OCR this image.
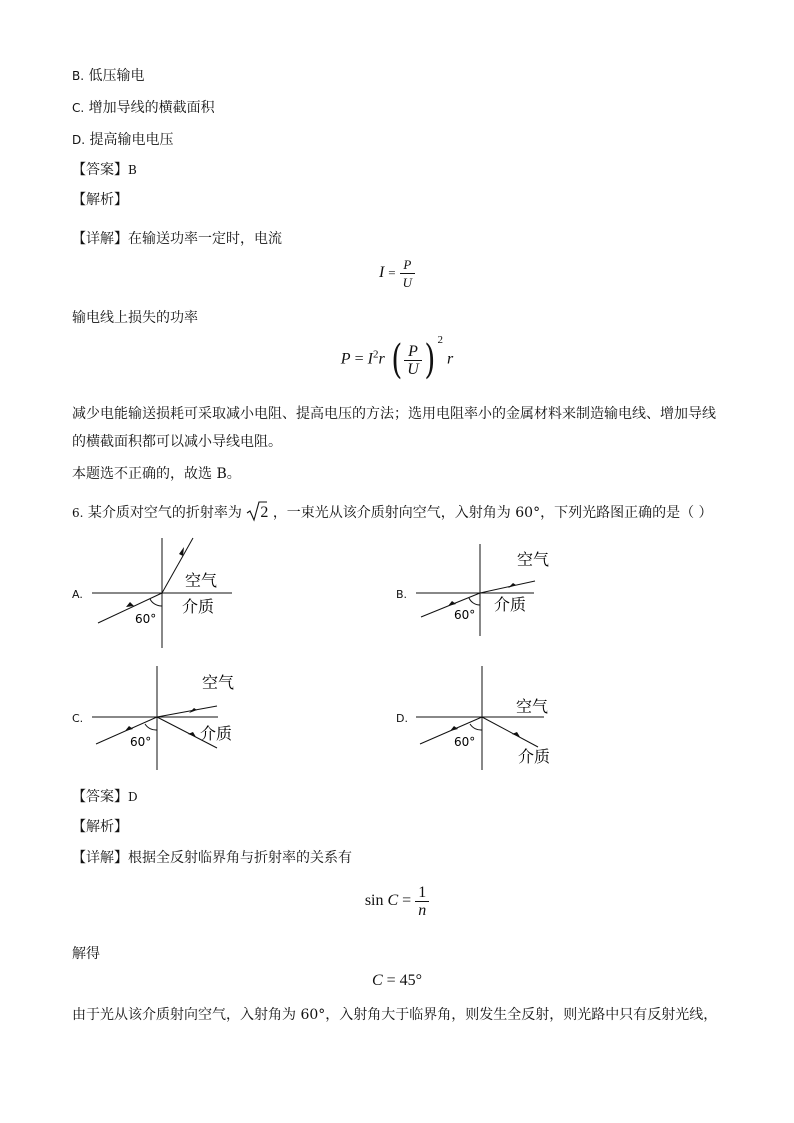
B. 低压输电
C. 增加导线的横截面积
D. 提高输电电压
【答案】B
【解析】
【详解】在输送功率一定时，电流
$I = \frac{P}{U}$
输电线上损失的功率
$P = I^2r$ ( $\frac{P}{U}$ ) $^2$ r
减少电能输送损耗可采取减小电阻、提高电压的方法；选用电阻率小的金属材料来制造输电线、增加导线
的横截面积都可以减小导线电阻。
本题选不正确的，故选 B。
6. 某介质对空气的折射率为 2 ，一束光从该介质射向空气，入射角为 60°，下列光路图正确的是（ ）
A.
空气
介质
60°
B.
空气
介质
60°
C.
空气
介质
60°
D.
空气
介质
60°
【答案】D
【解析】
【详解】根据全反射临界角与折射率的关系有
$\sin C = \frac{1}{n}$
解得
C = 45°
由于光从该介质射向空气，入射角为 60°，入射角大于临界角，则发生全反射，则光路中只有反射光线，
